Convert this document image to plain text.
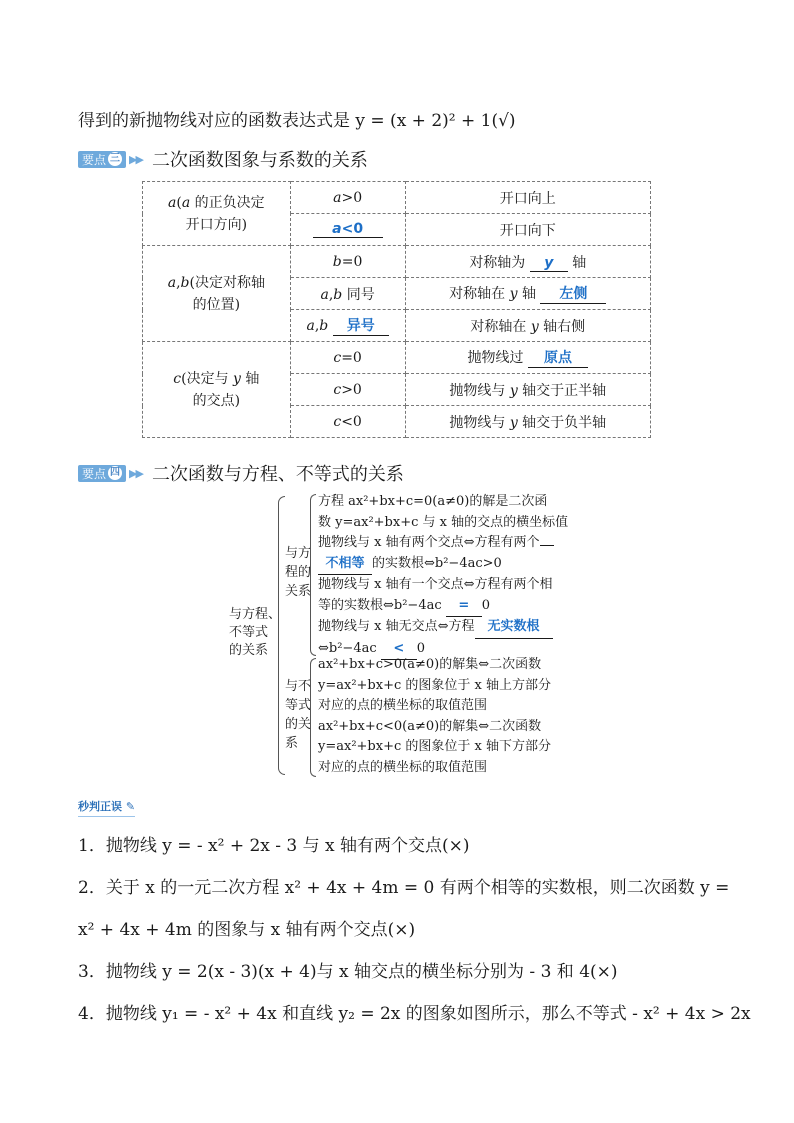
得到的新抛物线对应的函数表达式是 y = (x + 2)² + 1(√)
要点 三 ▶▶ 二次函数图象与系数的关系
a(a 的正负决定
开口方向)	a>0	开口向上
	a<0	开口向下
a,b(决定对称轴
的位置)	b=0	对称轴为 y 轴
	a,b 同号	对称轴在 y 轴 左侧
	a,b 异号	对称轴在 y 轴右侧
c(决定与 y 轴
的交点)	c=0	抛物线过 原点
	c>0	抛物线与 y 轴交于正半轴
	c<0	抛物线与 y 轴交于负半轴
要点 四 ▶▶ 二次函数与方程、不等式的关系
与方程、
不等式
的关系
与方
程的
关系
方程 ax²+bx+c=0(a≠0)的解是二次函
数 y=ax²+bx+c 与 x 轴的交点的横坐标值
抛物线与 x 轴有两个交点⇔方程有两个
不相等 的实数根⇔b²−4ac>0
抛物线与 x 轴有一个交点⇔方程有两个相
等的实数根⇔b²−4ac = 0
抛物线与 x 轴无交点⇔方程 无实数根
⇔b²−4ac < 0
与不
等式
的关
系
ax²+bx+c>0(a≠0)的解集⇔二次函数
y=ax²+bx+c 的图象位于 x 轴上方部分
对应的点的横坐标的取值范围
ax²+bx+c<0(a≠0)的解集⇔二次函数
y=ax²+bx+c 的图象位于 x 轴下方部分
对应的点的横坐标的取值范围
秒判正误 ✎
1．抛物线 y = - x² + 2x - 3 与 x 轴有两个交点(×)
2．关于 x 的一元二次方程 x² + 4x + 4m = 0 有两个相等的实数根，则二次函数 y =
x² + 4x + 4m 的图象与 x 轴有两个交点(×)
3．抛物线 y = 2(x - 3)(x + 4)与 x 轴交点的横坐标分别为 - 3 和 4(×)
4．抛物线 y₁ = - x² + 4x 和直线 y₂ = 2x 的图象如图所示，那么不等式 - x² + 4x > 2x
